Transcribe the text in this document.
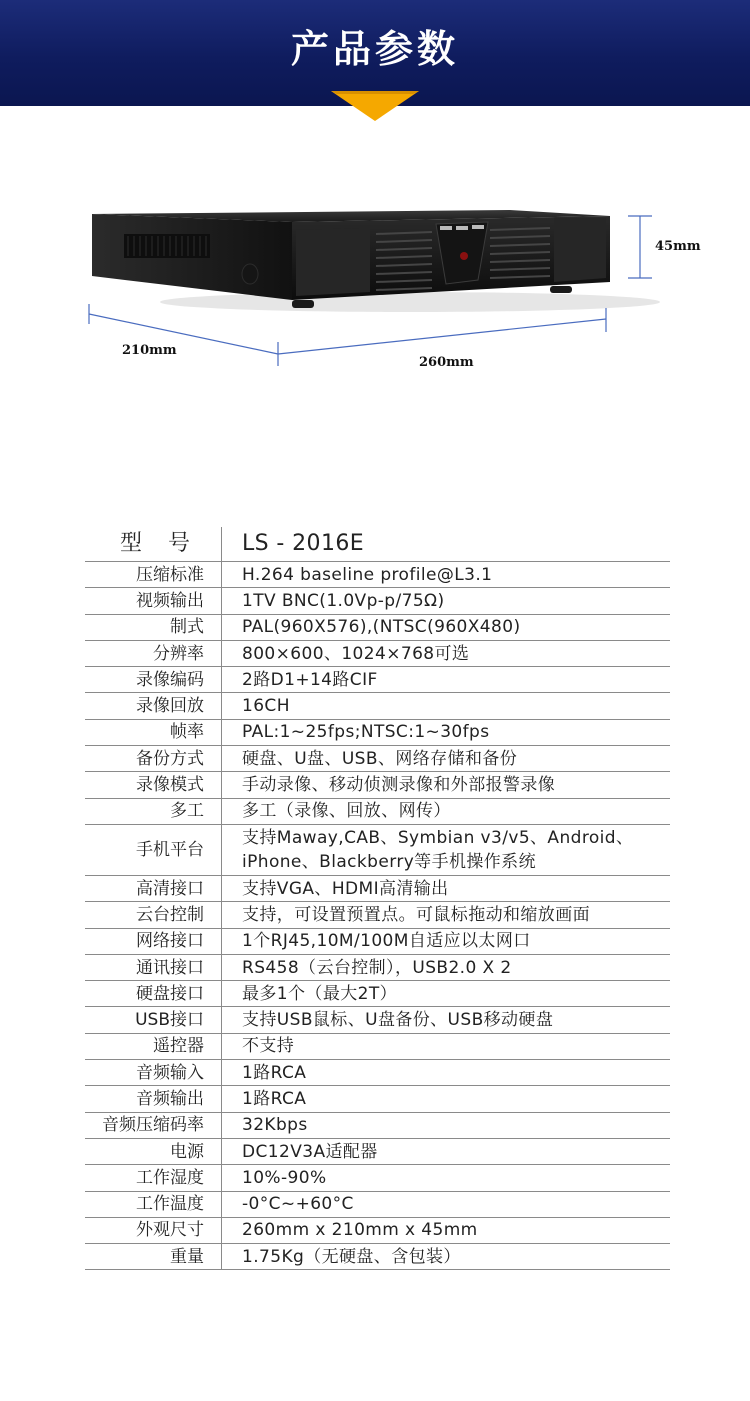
产品参数
45mm
210mm
260mm
型号	LS - 2016E
压缩标准	H.264 baseline profile@L3.1
视频输出	1TV BNC(1.0Vp-p/75Ω)
制式	PAL(960X576),(NTSC(960X480)
分辨率	800×600、1024×768可选
录像编码	2路D1+14路CIF
录像回放	16CH
帧率	PAL:1~25fps;NTSC:1~30fps
备份方式	硬盘、U盘、USB、网络存储和备份
录像模式	手动录像、移动侦测录像和外部报警录像
多工	多工（录像、回放、网传）
手机平台	支持Maway,CAB、Symbian v3/v5、Android、iPhone、Blackberry等手机操作系统
高清接口	支持VGA、HDMI高清输出
云台控制	支持，可设置预置点。可鼠标拖动和缩放画面
网络接口	1个RJ45,10M/100M自适应以太网口
通讯接口	RS458（云台控制），USB2.0 X 2
硬盘接口	最多1个（最大2T）
USB接口	支持USB鼠标、U盘备份、USB移动硬盘
遥控器	不支持
音频输入	1路RCA
音频输出	1路RCA
音频压缩码率	32Kbps
电源	DC12V3A适配器
工作湿度	10%-90%
工作温度	-0°C~+60°C
外观尺寸	260mm x 210mm x 45mm
重量	1.75Kg（无硬盘、含包装）
